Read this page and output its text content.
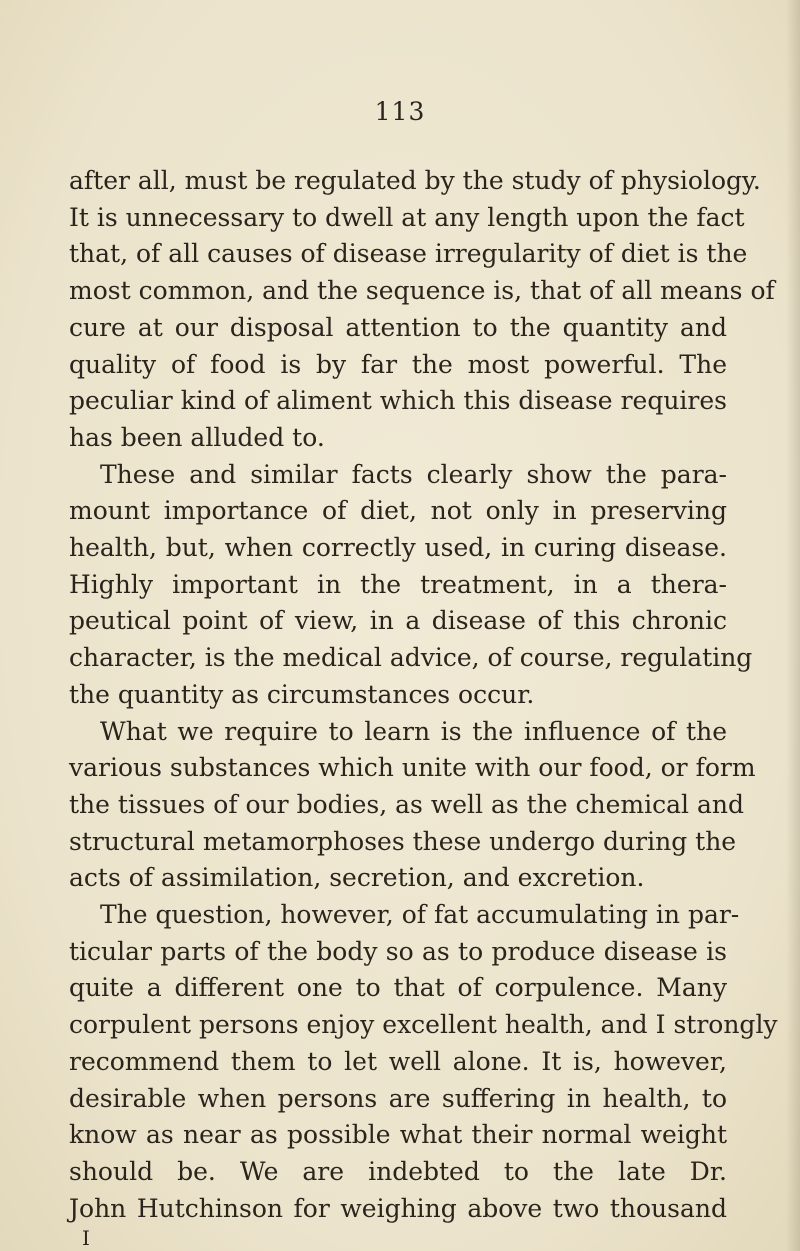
113
after all, must be regulated by the study of physiology.
It is unnecessary to dwell at any length upon the fact
that, of all causes of disease irregularity of diet is the
most common, and the sequence is, that of all means of
cure at our disposal attention to the quantity and
quality of food is by far the most powerful. The
peculiar kind of aliment which this disease requires
has been alluded to.
These and similar facts clearly show the para-
mount importance of diet, not only in preserving
health, but, when correctly used, in curing disease.
Highly important in the treatment, in a thera-
peutical point of view, in a disease of this chronic
character, is the medical advice, of course, regulating
the quantity as circumstances occur.
What we require to learn is the influence of the
various substances which unite with our food, or form
the tissues of our bodies, as well as the chemical and
structural metamorphoses these undergo during the
acts of assimilation, secretion, and excretion.
The question, however, of fat accumulating in par-
ticular parts of the body so as to produce disease is
quite a different one to that of corpulence. Many
corpulent persons enjoy excellent health, and I strongly
recommend them to let well alone. It is, however,
desirable when persons are suffering in health, to
know as near as possible what their normal weight
should be. We are indebted to the late Dr.
John Hutchinson for weighing above two thousand
I
